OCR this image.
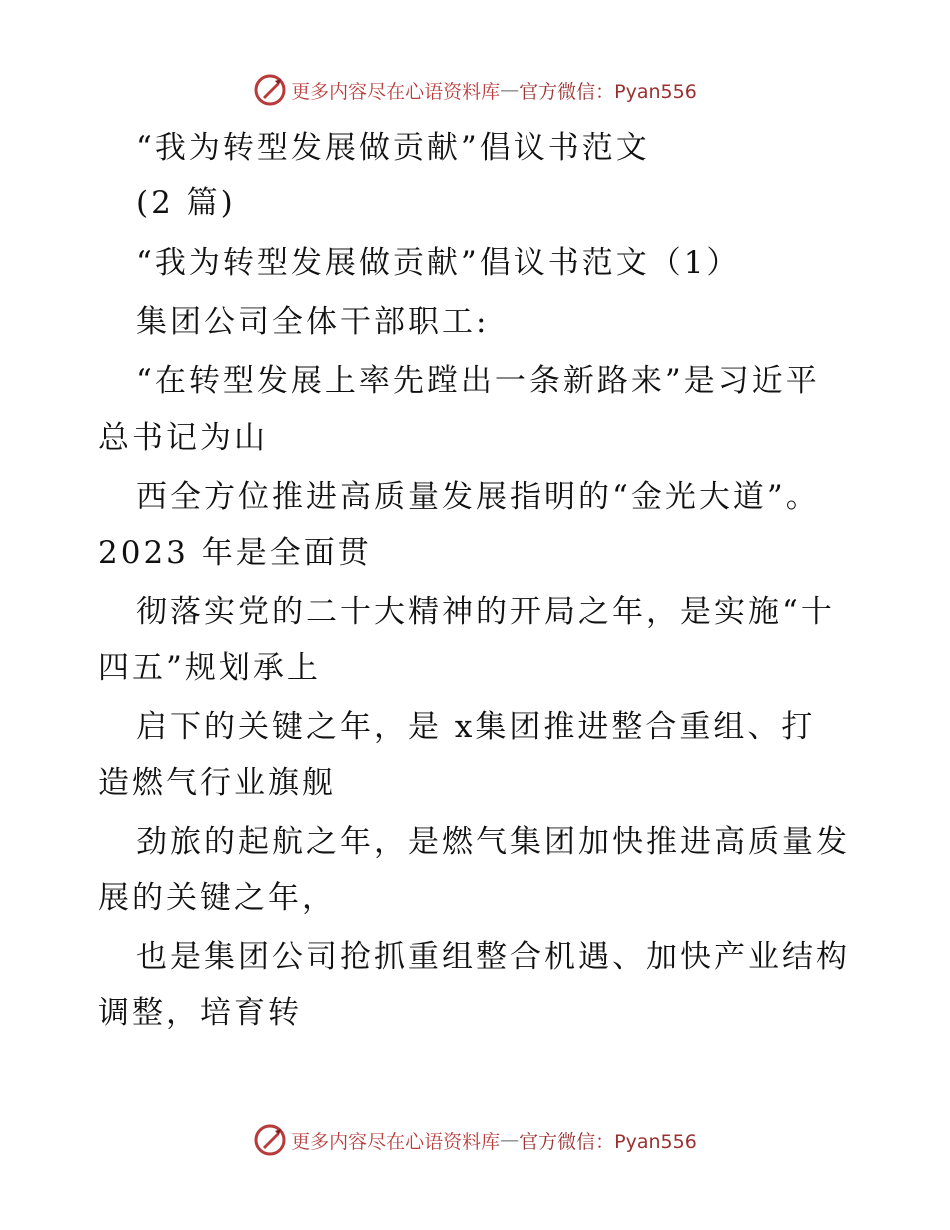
更多内容尽在心语资料库 — 官方微信：Pyan556
“我为转型发展做贡献”倡议书范文
(2 篇)
“我为转型发展做贡献”倡议书范文（1）
集团公司全体干部职工:
“在转型发展上率先蹚出一条新路来”是习近平
总书记为山
西全方位推进高质量发展指明的“金光大道”。
2023 年是全面贯
彻落实党的二十大精神的开局之年，是实施“十
四五”规划承上
启下的关键之年，是 x集团推进整合重组、打
造燃气行业旗舰
劲旅的起航之年，是燃气集团加快推进高质量发
展的关键之年，
也是集团公司抢抓重组整合机遇、加快产业结构
调整，培育转
更多内容尽在心语资料库 — 官方微信：Pyan556
